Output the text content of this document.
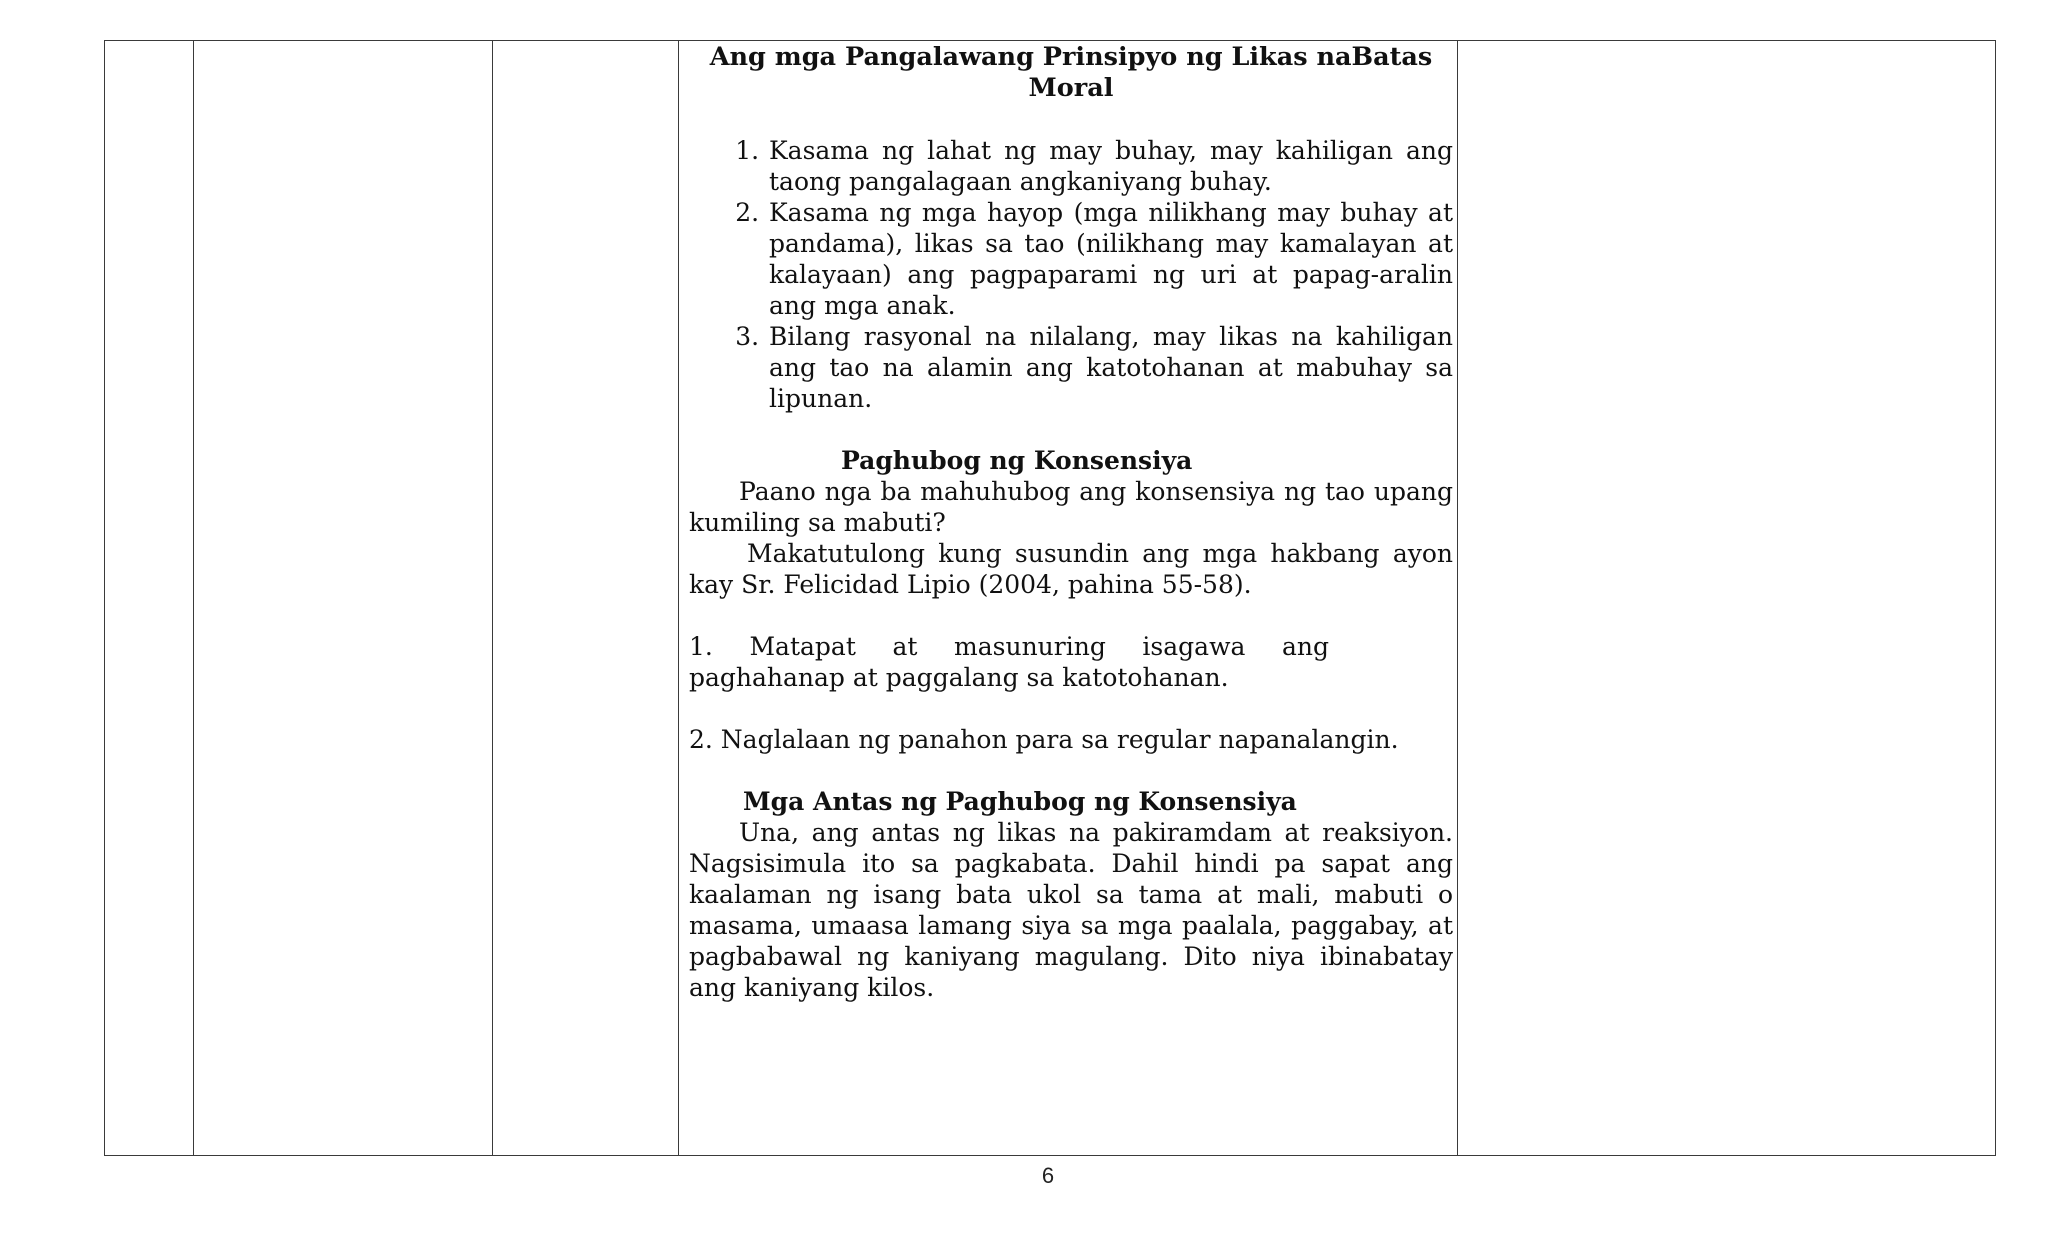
Ang mga Pangalawang Prinsipyo ng Likas naBatas
Moral
1. Kasama ng lahat ng may buhay, may kahiligan ang taong pangalagaan angkaniyang buhay.
2. Kasama ng mga hayop (mga nilikhang may buhay at pandama), likas sa tao (nilikhang may kamalayan at kalayaan) ang pagpaparami ng uri at papag-aralin ang mga anak.
3. Bilang rasyonal na nilalang, may likas na kahiligan ang tao na alamin ang katotohanan at mabuhay sa lipunan.
Paghubog ng Konsensiya

Paano nga ba mahuhubog ang konsensiya ng tao upang kumiling sa mabuti?

Makatutulong kung susundin ang mga hakbang ayon kay Sr. Felicidad Lipio (2004, pahina 55-58).

1. Matapat at masunuring isagawa ang
paghahanap at paggalang sa katotohanan.
2. Naglalaan ng panahon para sa regular napanalangin.
Mga Antas ng Paghubog ng Konsensiya

Una, ang antas ng likas na pakiramdam at reaksiyon. Nagsisimula ito sa pagkabata. Dahil hindi pa sapat ang kaalaman ng isang bata ukol sa tama at mali, mabuti o masama, umaasa lamang siya sa mga paalala, paggabay, at pagbabawal ng kaniyang magulang. Dito niya ibinabatay ang kaniyang kilos.

6
